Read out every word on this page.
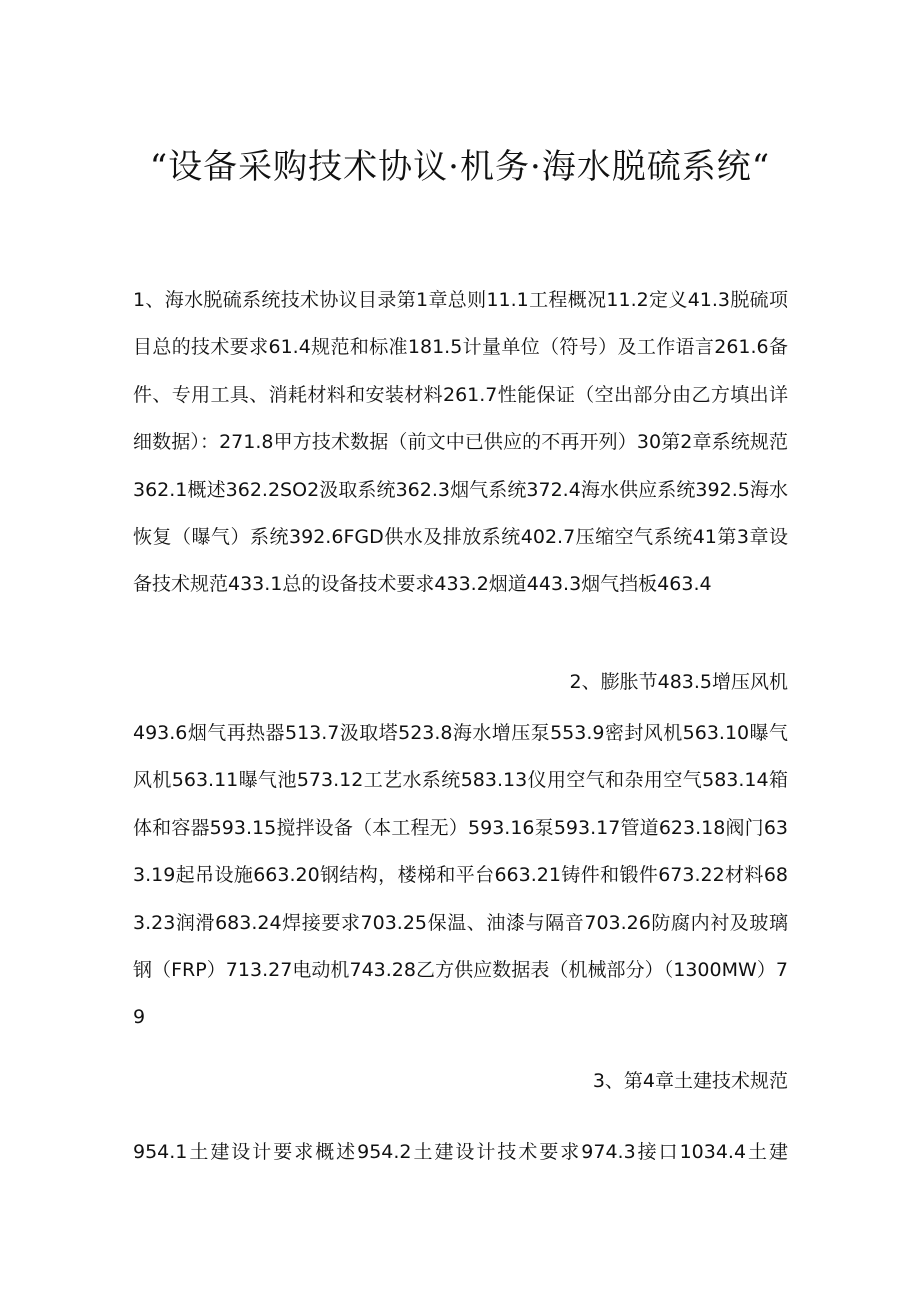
“设备采购技术协议·机务·海水脱硫系统“

1、海水脱硫系统技术协议目录第1章总则11.1工程概况11.2定义41.3脱硫项目总的技术要求61.4规范和标准181.5计量单位（符号）及工作语言261.6备件、专用工具、消耗材料和安装材料261.7性能保证（空出部分由乙方填出详细数据）：271.8甲方技术数据（前文中已供应的不再开列）30第2章系统规范362.1概述362.2SO2汲取系统362.3烟气系统372.4海水供应系统392.5海水恢复（曝气）系统392.6FGD供水及排放系统402.7压缩空气系统41第3章设备技术规范433.1总的设备技术要求433.2烟道443.3烟气挡板463.4

2、膨胀节483.5增压风机

493.6烟气再热器513.7汲取塔523.8海水增压泵553.9密封风机563.10曝气风机563.11曝气池573.12工艺水系统583.13仪用空气和杂用空气583.14箱体和容器593.15搅拌设备（本工程无）593.16泵593.17管道623.18阀门633.19起吊设施663.20钢结构，楼梯和平台663.21铸件和锻件673.22材料683.23润滑683.24焊接要求703.25保温、油漆与隔音703.26防腐内衬及玻璃钢（FRP）713.27电动机743.28乙方供应数据表（机械部分）（1300MW）79

3、第4章土建技术规范

954.1土建设计要求概述954.2土建设计技术要求974.3接口1034.4土建
